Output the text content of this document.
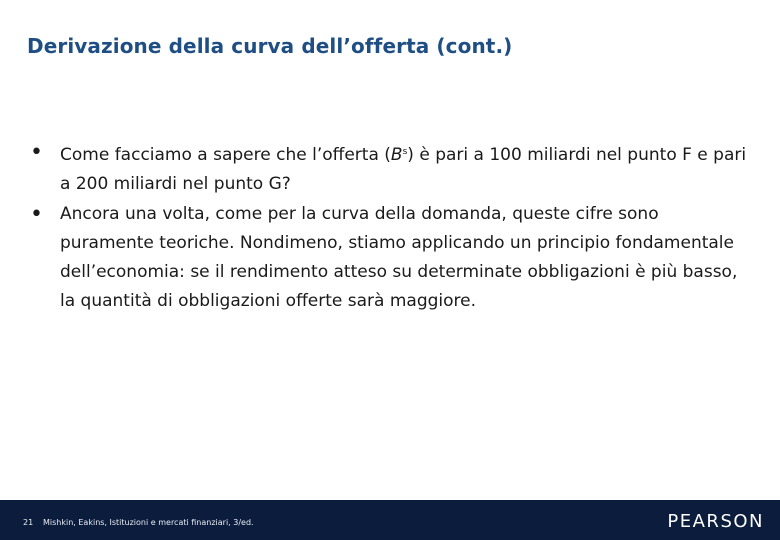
Derivazione della curva dell’offerta (cont.)
• Come facciamo a sapere che l’offerta $(B^s)$ è pari a 100 miliardi nel punto F e pari a 200 miliardi nel punto G?
• Ancora una volta, come per la curva della domanda, queste cifre sono puramente teoriche. Nondimeno, stiamo applicando un principio fondamentale dell’economia: se il rendimento atteso su determinate obbligazioni è più basso, la quantità di obbligazioni offerte sarà maggiore.
21 Mishkin, Eakins, Istituzioni e mercati finanziari, 3/ed.	PEARSON
